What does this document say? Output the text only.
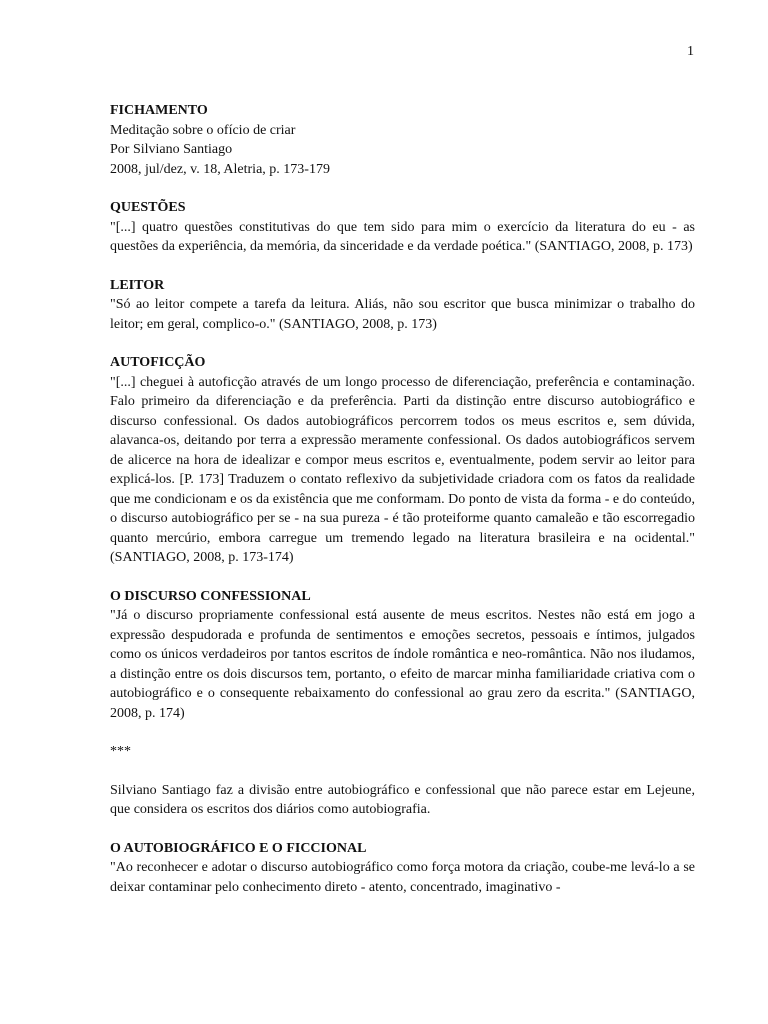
1

FICHAMENTO

Meditação sobre o ofício de criar

Por Silviano Santiago

2008, jul/dez, v. 18, Aletria, p. 173-179

QUESTÕES

"[...] quatro questões constitutivas do que tem sido para mim o exercício da literatura do eu - as questões da experiência, da memória, da sinceridade e da verdade poética." (SANTIAGO, 2008, p. 173)

LEITOR

"Só ao leitor compete a tarefa da leitura. Aliás, não sou escritor que busca minimizar o trabalho do leitor; em geral, complico-o." (SANTIAGO, 2008, p. 173)

AUTOFICÇÃO

"[...] cheguei à autoficção através de um longo processo de diferenciação, preferência e contaminação. Falo primeiro da diferenciação e da preferência. Parti da distinção entre discurso autobiográfico e discurso confessional. Os dados autobiográficos percorrem todos os meus escritos e, sem dúvida, alavanca-os, deitando por terra a expressão meramente confessional. Os dados autobiográficos servem de alicerce na hora de idealizar e compor meus escritos e, eventualmente, podem servir ao leitor para explicá-los. [P. 173] Traduzem o contato reflexivo da subjetividade criadora com os fatos da realidade que me condicionam e os da existência que me conformam. Do ponto de vista da forma - e do conteúdo, o discurso autobiográfico per se - na sua pureza - é tão proteiforme quanto camaleão e tão escorregadio quanto mercúrio, embora carregue um tremendo legado na literatura brasileira e na ocidental." (SANTIAGO, 2008, p. 173-174)

O DISCURSO CONFESSIONAL

"Já o discurso propriamente confessional está ausente de meus escritos. Nestes não está em jogo a expressão despudorada e profunda de sentimentos e emoções secretos, pessoais e íntimos, julgados como os únicos verdadeiros por tantos escritos de índole romântica e neo-romântica. Não nos iludamos, a distinção entre os dois discursos tem, portanto, o efeito de marcar minha familiaridade criativa com o autobiográfico e o consequente rebaixamento do confessional ao grau zero da escrita." (SANTIAGO, 2008, p. 174)

***

Silviano Santiago faz a divisão entre autobiográfico e confessional que não parece estar em Lejeune, que considera os escritos dos diários como autobiografia.

O AUTOBIOGRÁFICO E O FICCIONAL

"Ao reconhecer e adotar o discurso autobiográfico como força motora da criação, coube-me levá-lo a se deixar contaminar pelo conhecimento direto - atento, concentrado, imaginativo -
